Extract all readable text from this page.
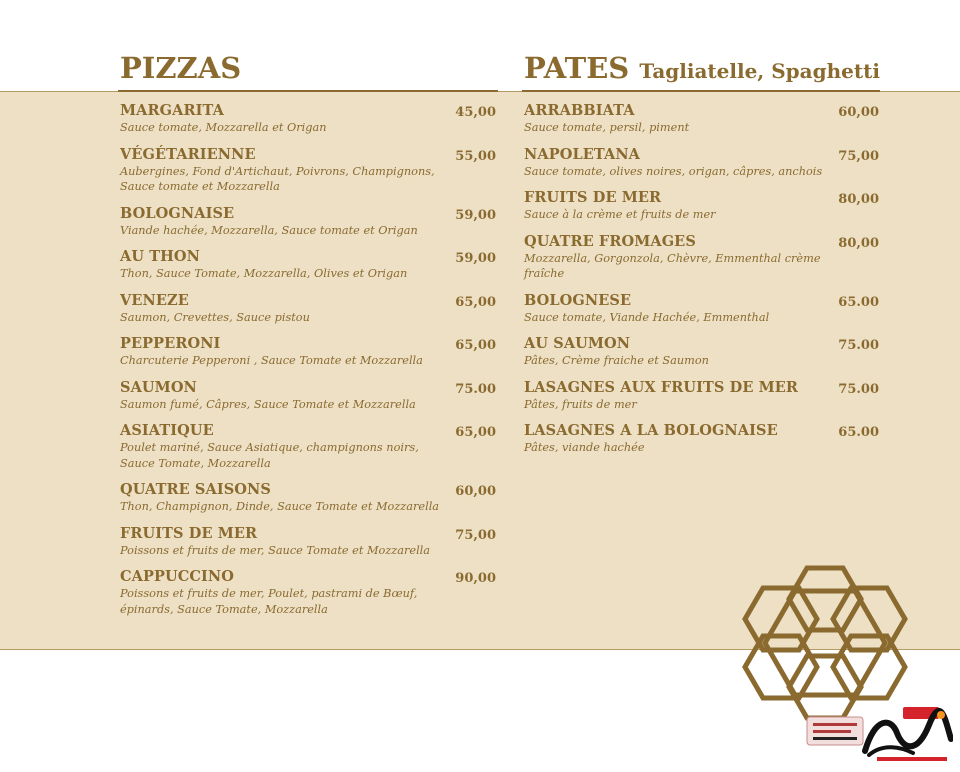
PIZZAS	PATES Tagliatelle, Spaghetti
MARGARITA	45,00
Sauce tomate, Mozzarella et Origan
VÉGÉTARIENNE	55,00
Aubergines, Fond d'Artichaut, Poivrons, Champignons, Sauce tomate et Mozzarella
BOLOGNAISE	59,00
Viande hachée, Mozzarella, Sauce tomate et Origan
AU THON	59,00
Thon, Sauce Tomate, Mozzarella, Olives et Origan
VENEZE	65,00
Saumon, Crevettes, Sauce pistou
PEPPERONI	65,00
Charcuterie Pepperoni , Sauce Tomate et Mozzarella
SAUMON	75.00
Saumon fumé, Câpres, Sauce Tomate et Mozzarella
ASIATIQUE	65,00
Poulet mariné, Sauce Asiatique, champignons noirs, Sauce Tomate, Mozzarella
QUATRE SAISONS	60,00
Thon, Champignon, Dinde, Sauce Tomate et Mozzarella
FRUITS DE MER	75,00
Poissons et fruits de mer, Sauce Tomate et Mozzarella
CAPPUCCINO	90,00
Poissons et fruits de mer, Poulet, pastrami de Bœuf, épinards, Sauce Tomate, Mozzarella
ARRABBIATA	60,00
Sauce tomate, persil, piment
NAPOLETANA	75,00
Sauce tomate, olives noires, origan, câpres, anchois
FRUITS DE MER	80,00
Sauce à la crème et fruits de mer
QUATRE FROMAGES	80,00
Mozzarella, Gorgonzola, Chèvre, Emmenthal crème fraîche
BOLOGNESE	65.00
Sauce tomate, Viande Hachée, Emmenthal
AU SAUMON	75.00
Pâtes, Crème fraiche et Saumon
LASAGNES AUX FRUITS DE MER	75.00
Pâtes, fruits de mer
LASAGNES A LA BOLOGNAISE	65.00
Pâtes, viande hachée
